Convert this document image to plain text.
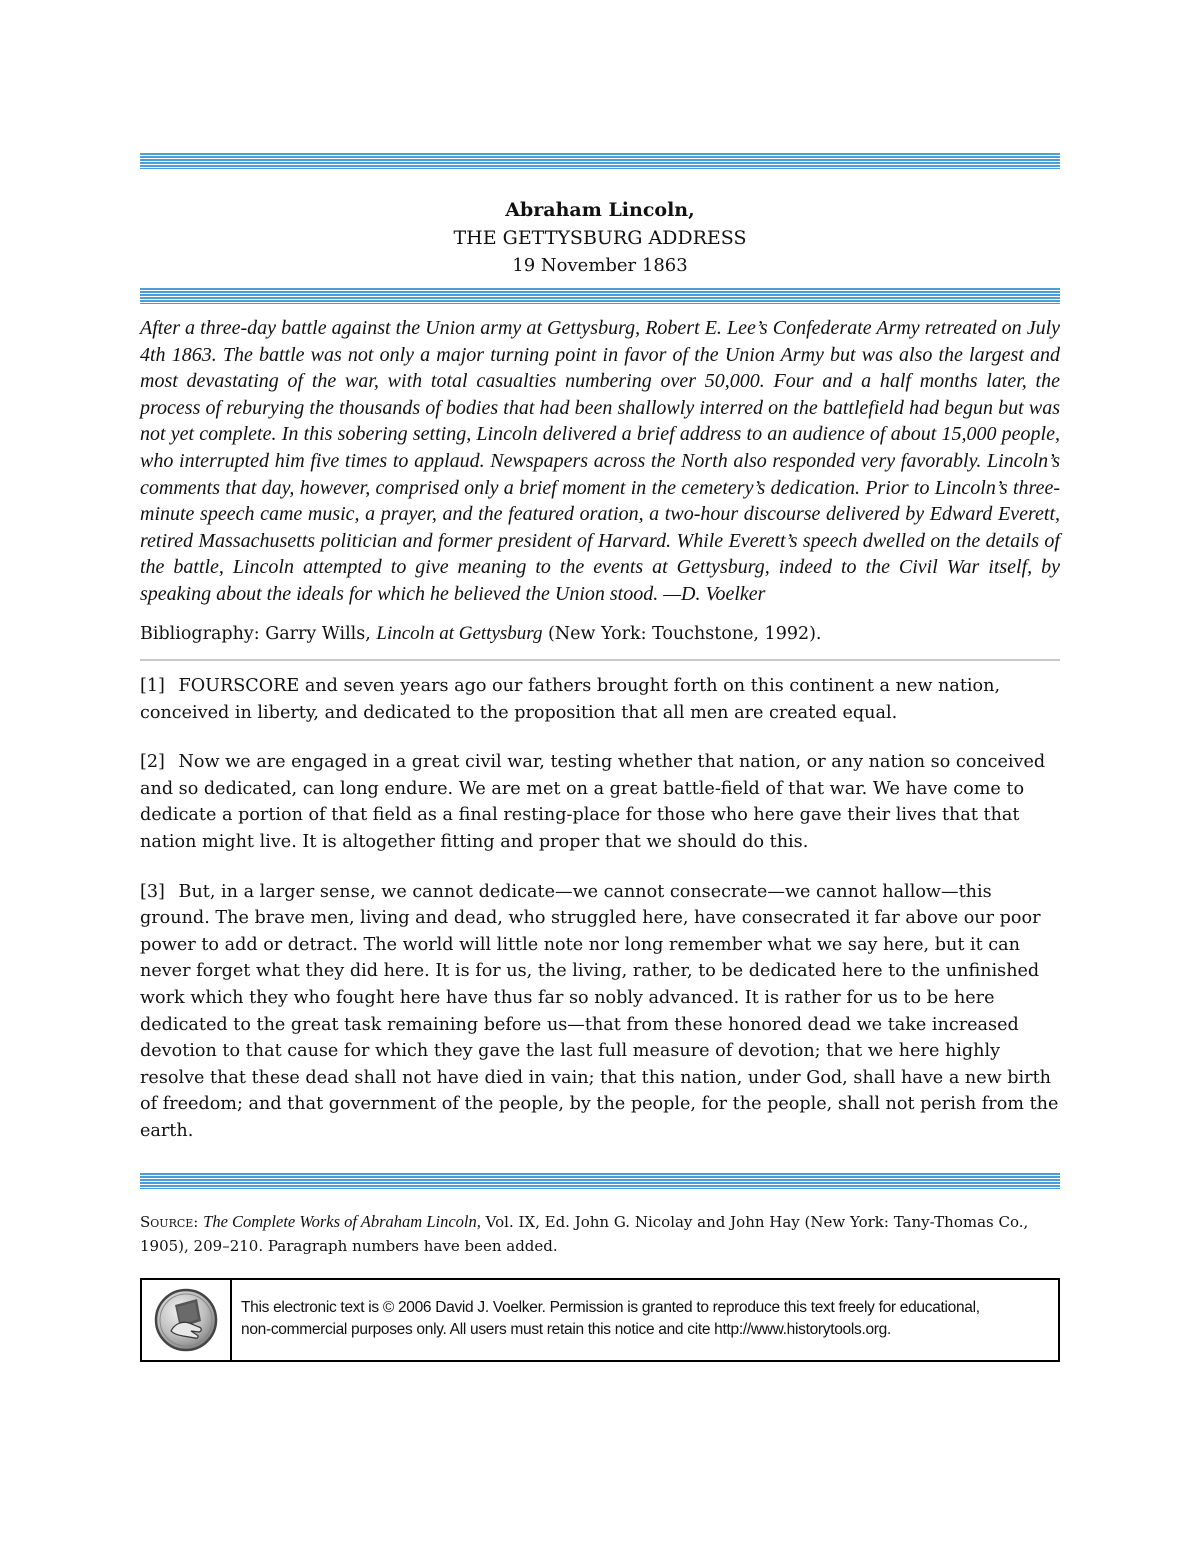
Abraham Lincoln,
THE GETTYSBURG ADDRESS
19 November 1863
After a three-day battle against the Union army at Gettysburg, Robert E. Lee’s Confederate Army retreated on July 4th 1863. The battle was not only a major turning point in favor of the Union Army but was also the largest and most devastating of the war, with total casualties numbering over 50,000. Four and a half months later, the process of reburying the thousands of bodies that had been shallowly interred on the battlefield had begun but was not yet complete. In this sobering setting, Lincoln delivered a brief address to an audience of about 15,000 people, who interrupted him five times to applaud. Newspapers across the North also responded very favorably. Lincoln’s comments that day, however, comprised only a brief moment in the cemetery’s dedication. Prior to Lincoln’s three-minute speech came music, a prayer, and the featured oration, a two-hour discourse delivered by Edward Everett, retired Massachusetts politician and former president of Harvard. While Everett’s speech dwelled on the details of the battle, Lincoln attempted to give meaning to the events at Gettysburg, indeed to the Civil War itself, by speaking about the ideals for which he believed the Union stood. —D. Voelker
Bibliography: Garry Wills, Lincoln at Gettysburg (New York: Touchstone, 1992).

[1] FOURSCORE and seven years ago our fathers brought forth on this continent a new nation, conceived in liberty, and dedicated to the proposition that all men are created equal.

[2] Now we are engaged in a great civil war, testing whether that nation, or any nation so conceived and so dedicated, can long endure. We are met on a great battle-field of that war. We have come to dedicate a portion of that field as a final resting-place for those who here gave their lives that that nation might live. It is altogether fitting and proper that we should do this.

[3] But, in a larger sense, we cannot dedicate—we cannot consecrate—we cannot hallow—this ground. The brave men, living and dead, who struggled here, have consecrated it far above our poor power to add or detract. The world will little note nor long remember what we say here, but it can never forget what they did here. It is for us, the living, rather, to be dedicated here to the unfinished work which they who fought here have thus far so nobly advanced. It is rather for us to be here dedicated to the great task remaining before us—that from these honored dead we take increased devotion to that cause for which they gave the last full measure of devotion; that we here highly resolve that these dead shall not have died in vain; that this nation, under God, shall have a new birth of freedom; and that government of the people, by the people, for the people, shall not perish from the earth.

Source: The Complete Works of Abraham Lincoln, Vol. IX, Ed. John G. Nicolay and John Hay (New York: Tany-Thomas Co., 1905), 209–210. Paragraph numbers have been added.
This electronic text is © 2006 David J. Voelker. Permission is granted to reproduce this text freely for educational,
non-commercial purposes only. All users must retain this notice and cite http://www.historytools.org.
